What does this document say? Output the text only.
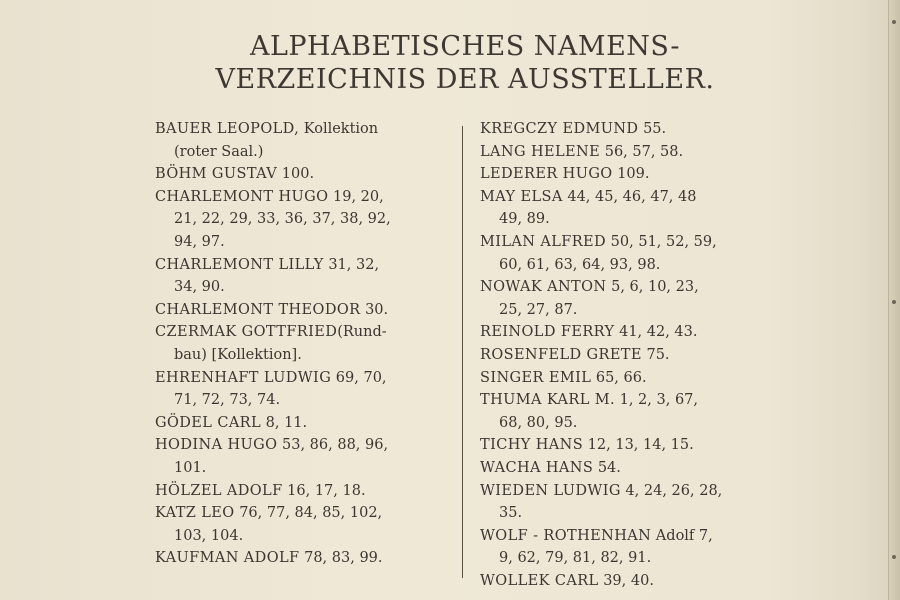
ALPHABETISCHES NAMENS-
VERZEICHNIS DER AUSSTELLER.
BAUER LEOPOLD, Kollektion
(roter Saal.)
BÖHM GUSTAV 100.
CHARLEMONT HUGO 19, 20,
21, 22, 29, 33, 36, 37, 38, 92,
94, 97.
CHARLEMONT LILLY 31, 32,
34, 90.
CHARLEMONT THEODOR 30.
CZERMAK GOTTFRIED(Rund-
bau) [Kollektion].
EHRENHAFT LUDWIG 69, 70,
71, 72, 73, 74.
GÖDEL CARL 8, 11.
HODINA HUGO 53, 86, 88, 96,
101.
HÖLZEL ADOLF 16, 17, 18.
KATZ LEO 76, 77, 84, 85, 102,
103, 104.
KAUFMAN ADOLF 78, 83, 99.
KREGCZY EDMUND 55.
LANG HELENE 56, 57, 58.
LEDERER HUGO 109.
MAY ELSA 44, 45, 46, 47, 48
49, 89.
MILAN ALFRED 50, 51, 52, 59,
60, 61, 63, 64, 93, 98.
NOWAK ANTON 5, 6, 10, 23,
25, 27, 87.
REINOLD FERRY 41, 42, 43.
ROSENFELD GRETE 75.
SINGER EMIL 65, 66.
THUMA KARL M. 1, 2, 3, 67,
68, 80, 95.
TICHY HANS 12, 13, 14, 15.
WACHA HANS 54.
WIEDEN LUDWIG 4, 24, 26, 28,
35.
WOLF - ROTHENHAN Adolf 7,
9, 62, 79, 81, 82, 91.
WOLLEK CARL 39, 40.
